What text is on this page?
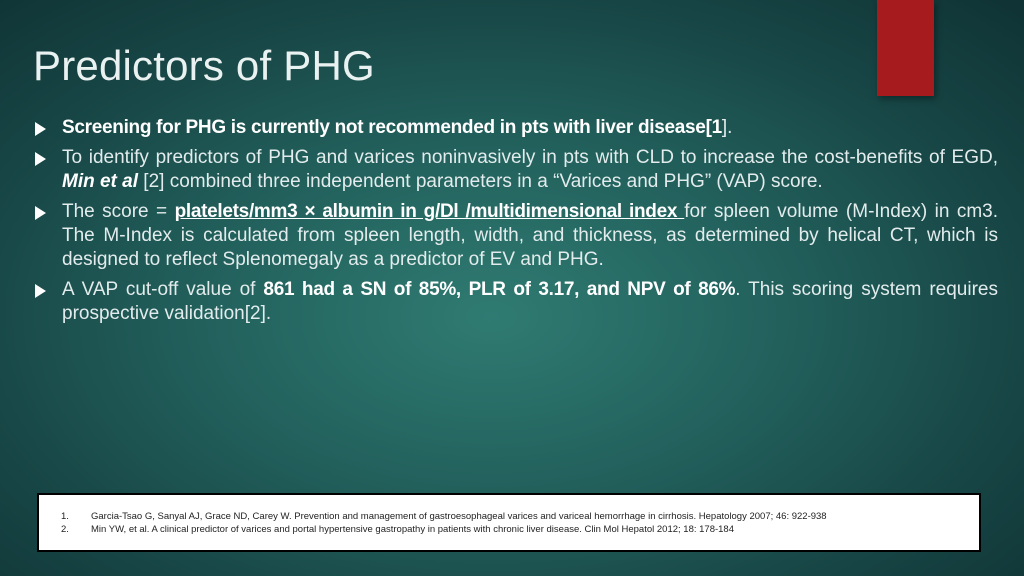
Predictors of PHG
Screening for PHG is currently not recommended in pts with liver disease[1].
To identify predictors of PHG and varices noninvasively in pts with CLD to increase the cost-benefits of EGD, Min et al [2] combined three independent parameters in a “Varices and PHG” (VAP) score.
The score = platelets/mm3 × albumin in g/Dl /multidimensional index for spleen volume (M-Index) in cm3. The M-Index is calculated from spleen length, width, and thickness, as determined by helical CT, which is designed to reflect Splenomegaly as a predictor of EV and PHG.
A VAP cut-off value of 861 had a SN of 85%, PLR of 3.17, and NPV of 86%. This scoring system requires prospective validation[2].
1.	Garcia-Tsao G, Sanyal AJ, Grace ND, Carey W. Prevention and management of gastroesophageal varices and variceal hemorrhage in cirrhosis. Hepatology 2007; 46: 922-938
2.	Min YW, et al. A clinical predictor of varices and portal hypertensive gastropathy in patients with chronic liver disease. Clin Mol Hepatol 2012; 18: 178-184
